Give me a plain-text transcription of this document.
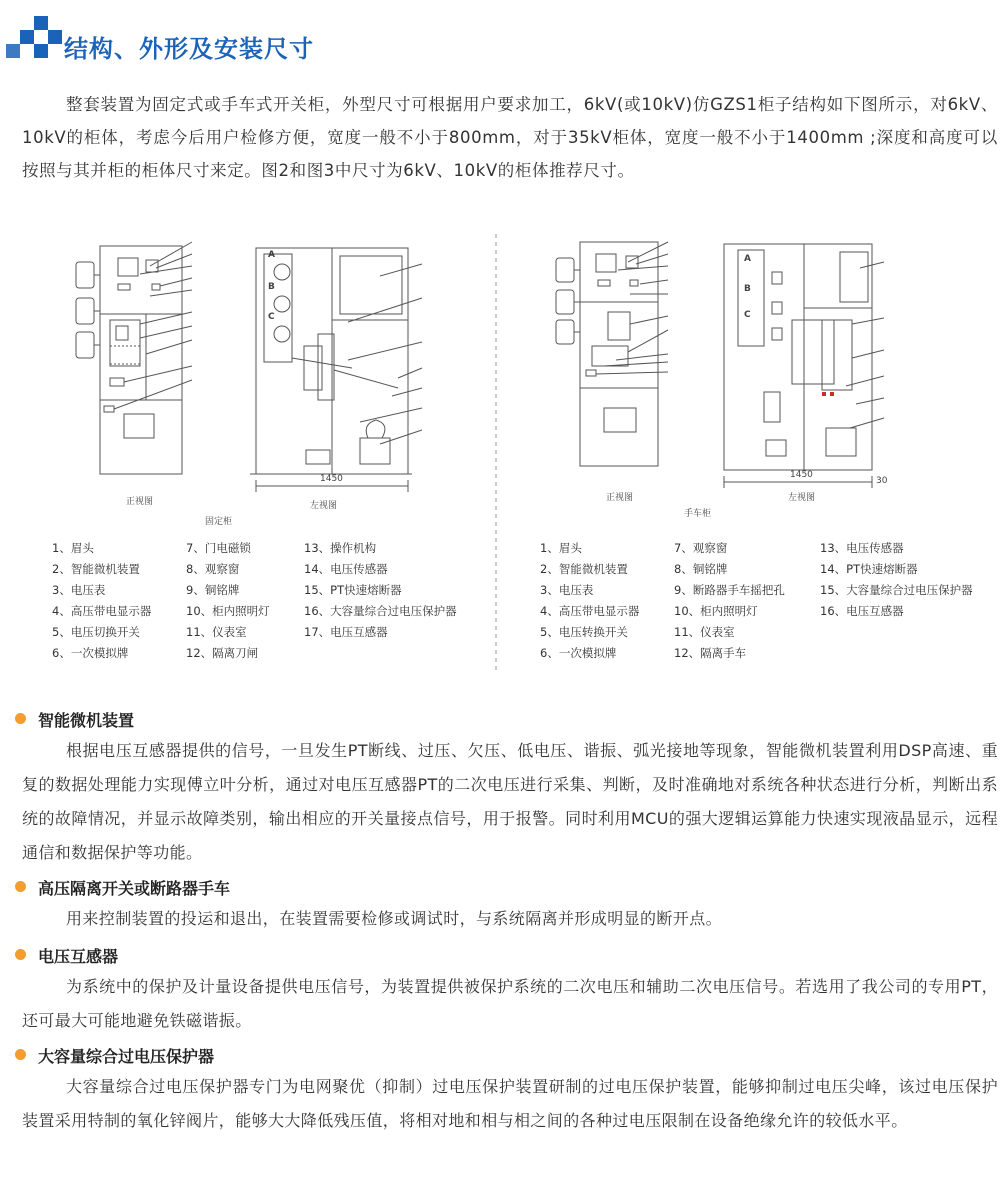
结构、外形及安装尺寸
整套装置为固定式或手车式开关柜，外型尺寸可根据用户要求加工，6kV(或10kV)仿GZS1柜子结构如下图所示，对6kV、10kV的柜体，考虑今后用户检修方便，宽度一般不小于800mm，对于35kV柜体，宽度一般不小于1400mm ;深度和高度可以按照与其并柜的柜体尺寸来定。图2和图3中尺寸为6kV、10kV的柜体推荐尺寸。
正视图	左视图
固定柜
1450
A
B
C
正视图	左视图
手车柜
1450
30
A
B
C
1、眉头
2、智能微机装置
3、电压表
4、高压带电显示器
5、电压切换开关
6、一次模拟牌
7、门电磁锁
8、观察窗
9、铜铭牌
10、柜内照明灯
11、仪表室
12、隔离刀闸
13、操作机构
14、电压传感器
15、PT快速熔断器
16、大容量综合过电压保护器
17、电压互感器
1、眉头
2、智能微机装置
3、电压表
4、高压带电显示器
5、电压转换开关
6、一次模拟牌
7、观察窗
8、铜铭牌
9、断路器手车摇把孔
10、柜内照明灯
11、仪表室
12、隔离手车
13、电压传感器
14、PT快速熔断器
15、大容量综合过电压保护器
16、电压互感器
智能微机装置
根据电压互感器提供的信号，一旦发生PT断线、过压、欠压、低电压、谐振、弧光接地等现象，智能微机装置利用DSP高速、重复的数据处理能力实现傅立叶分析，通过对电压互感器PT的二次电压进行采集、判断，及时准确地对系统各种状态进行分析，判断出系统的故障情况，并显示故障类别，输出相应的开关量接点信号，用于报警。同时利用MCU的强大逻辑运算能力快速实现液晶显示，远程通信和数据保护等功能。
高压隔离开关或断路器手车
用来控制装置的投运和退出，在装置需要检修或调试时，与系统隔离并形成明显的断开点。
电压互感器
为系统中的保护及计量设备提供电压信号，为装置提供被保护系统的二次电压和辅助二次电压信号。若选用了我公司的专用PT，还可最大可能地避免铁磁谐振。
大容量综合过电压保护器
大容量综合过电压保护器专门为电网聚优（抑制）过电压保护装置研制的过电压保护装置，能够抑制过电压尖峰，该过电压保护装置采用特制的氧化锌阀片，能够大大降低残压值，将相对地和相与相之间的各种过电压限制在设备绝缘允许的较低水平。
